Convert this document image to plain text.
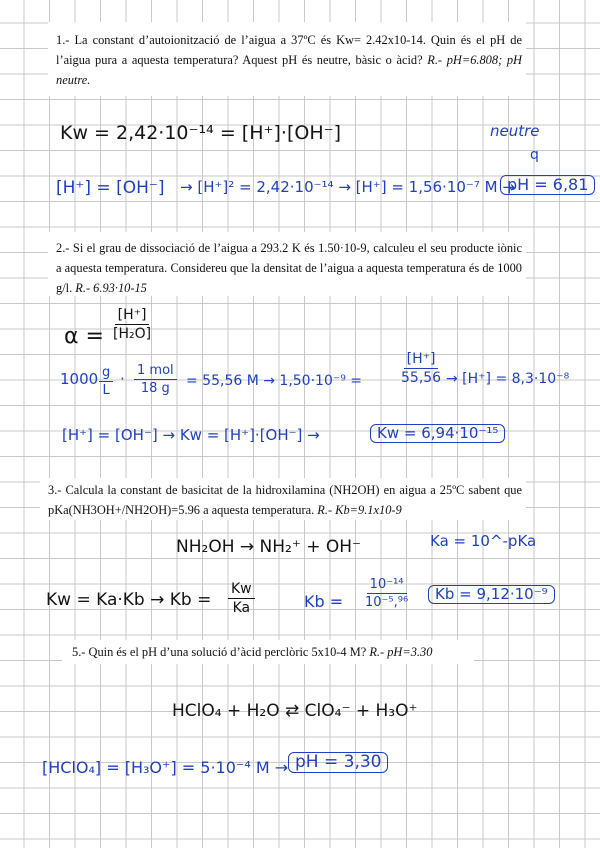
1.- La constant d’autoionització de l’aigua a 37ºC és Kw= 2.42x10-14. Quin és el pH de l’aigua pura a aquesta temperatura? Aquest pH és neutre, bàsic o àcid? R.- pH=6.808; pH neutre.
2.- Si el grau de dissociació de l’aigua a 293.2 K és 1.50·10-9, calculeu el seu producte iònic a aquesta temperatura. Considereu que la densitat de l’aigua a aquesta temperatura és de 1000 g/l. R.- 6.93·10-15
3.- Calcula la constant de basicitat de la hidroxilamina (NH2OH) en aigua a 25ºC sabent que pKa(NH3OH+/NH2OH)=5.96 a aquesta temperatura. R.- Kb=9.1x10-9
5.- Quin és el pH d’una solució d’àcid perclòric 5x10-4 M? R.- pH=3.30
Kw = 2,42·10⁻¹⁴ = [H⁺]·[OH⁻]	neutre
q
[H⁺] = [OH⁻] → [H⁺]² = 2,42·10⁻¹⁴ → [H⁺] = 1,56·10⁻⁷ M →
pH = 6,81
$\alpha = \frac{[H^+]}{\text{[H₂O]}}$
$1000 \frac{g}{L} \cdot 1$ mol
18 g = 55,56 M → 1,50·10⁻⁹ =	$\frac{[H^+]}{55,56} \to [H^+] = 8,3\cdot 10^{-8}$
[H⁺] = [OH⁻] → Kw = [H⁺]·[OH⁻] →	Kw = 6,94·10⁻¹⁵
NH₂OH → NH₂⁺ + OH⁻	Ka = 10^-pKa
$Kw = Ka\cdot Kb \to Kb = \frac{Kw}{Ka}$	$Kb = \frac{\text{10⁻¹⁴}}{\text{10⁻⁵,⁹⁶}}$	Kb = 9,12·10⁻⁹
HClO₄ + H₂O ⇄ ClO₄⁻ + H₃O⁺
[HClO₄] = [H₃O⁺] = 5·10⁻⁴ M → pH = 3,30
